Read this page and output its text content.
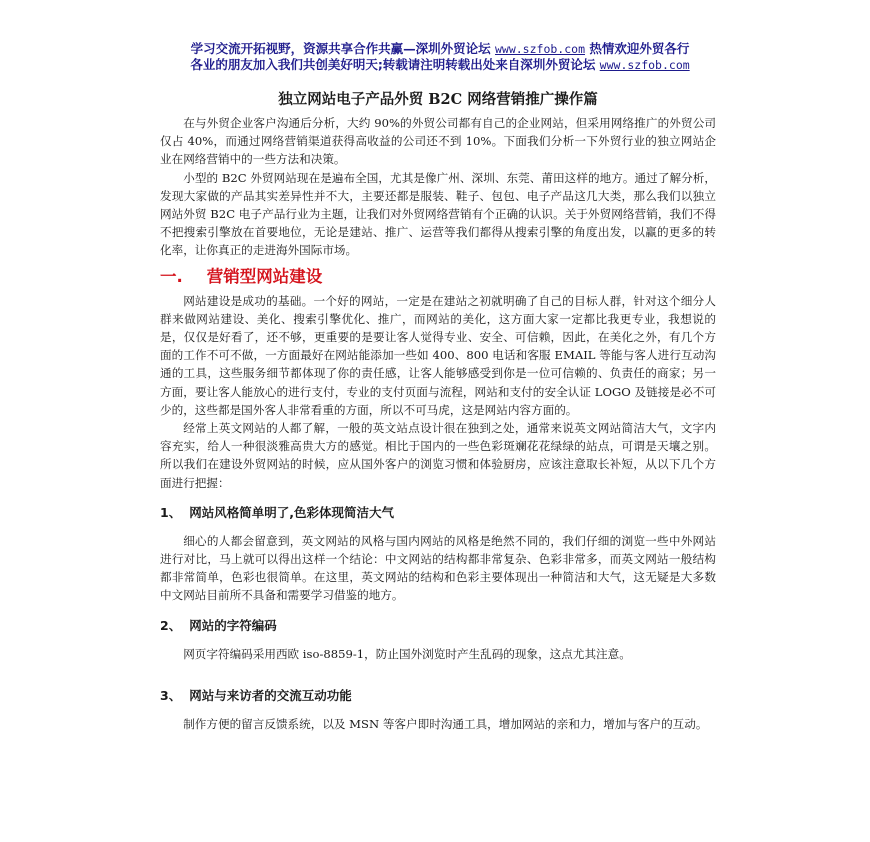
学习交流开拓视野，资源共享合作共赢—深圳外贸论坛 www.szfob.com 热情欢迎外贸各行
各业的朋友加入我们共创美好明天;转载请注明转载出处来自深圳外贸论坛 www.szfob.com
独立网站电子产品外贸 B2C 网络营销推广操作篇

在与外贸企业客户沟通后分析，大约 90%的外贸公司都有自己的企业网站，但采用网络推广的外贸公司仅占 40%，而通过网络营销渠道获得高收益的公司还不到 10%。下面我们分析一下外贸行业的独立网站企业在网络营销中的一些方法和决策。

小型的 B2C 外贸网站现在是遍布全国，尤其是像广州、深圳、东莞、莆田这样的地方。通过了解分析，发现大家做的产品其实差异性并不大，主要还都是服装、鞋子、包包、电子产品这几大类，那么我们以独立网站外贸 B2C 电子产品行业为主题，让我们对外贸网络营销有个正确的认识。关于外贸网络营销，我们不得不把搜索引擎放在首要地位，无论是建站、推广、运营等我们都得从搜索引擎的角度出发，以赢的更多的转化率，让你真正的走进海外国际市场。

一. 营销型网站建设

网站建设是成功的基础。一个好的网站，一定是在建站之初就明确了自己的目标人群，针对这个细分人群来做网站建设、美化、搜索引擎优化、推广，而网站的美化，这方面大家一定都比我更专业，我想说的是，仅仅是好看了，还不够，更重要的是要让客人觉得专业、安全、可信赖，因此，在美化之外，有几个方面的工作不可不做，一方面最好在网站能添加一些如 400、800 电话和客服 EMAIL 等能与客人进行互动沟通的工具，这些服务细节都体现了你的责任感，让客人能够感受到你是一位可信赖的、负责任的商家；另一方面，要让客人能放心的进行支付，专业的支付页面与流程，网站和支付的安全认证 LOGO 及链接是必不可少的，这些都是国外客人非常看重的方面，所以不可马虎，这是网站内容方面的。

经常上英文网站的人都了解，一般的英文站点设计很在独到之处，通常来说英文网站简洁大气，文字内容充实，给人一种很淡雅高贵大方的感觉。相比于国内的一些色彩斑斓花花绿绿的站点，可谓是天壤之别。所以我们在建设外贸网站的时候，应从国外客户的浏览习惯和体验厨房，应该注意取长补短，从以下几个方面进行把握：

1、 网站风格简单明了,色彩体现简洁大气

细心的人都会留意到，英文网站的风格与国内网站的风格是绝然不同的，我们仔细的浏览一些中外网站进行对比，马上就可以得出这样一个结论：中文网站的结构都非常复杂、色彩非常多，而英文网站一般结构都非常简单，色彩也很简单。在这里，英文网站的结构和色彩主要体现出一种简洁和大气，这无疑是大多数中文网站目前所不具备和需要学习借鉴的地方。

2、 网站的字符编码

网页字符编码采用西欧 iso-8859-1，防止国外浏览时产生乱码的现象，这点尤其注意。

3、 网站与来访者的交流互动功能

制作方便的留言反馈系统，以及 MSN 等客户即时沟通工具，增加网站的亲和力，增加与客户的互动。
